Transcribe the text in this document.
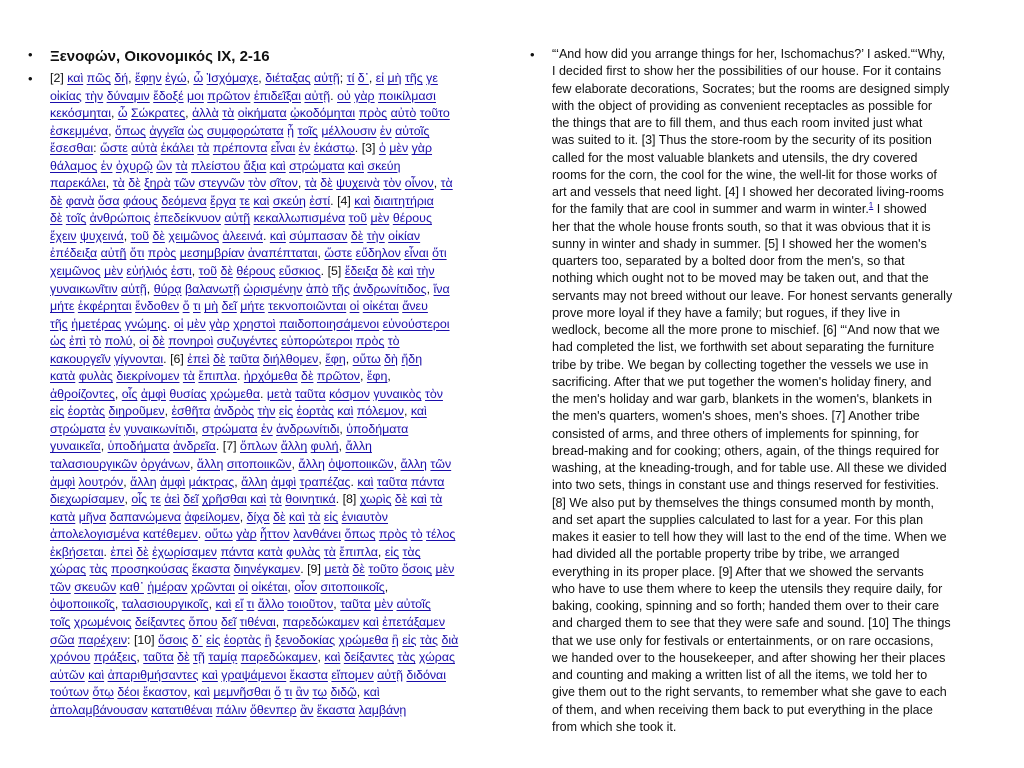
• Ξενοφών, Οικονομικός IX, 2-16
• [2] καὶ πῶς δή, ἔφην ἐγώ, ὦ Ἰσχόμαχε, διέταξας αὐτῇ; τί δ᾽, εἰ μὴ τῆς γε
οἰκίας τὴν δύναμιν ἔδοξέ μοι πρῶτον ἐπιδεῖξαι αὐτῇ. οὐ γὰρ ποικίλμασι
κεκόσμηται, ὦ Σώκρατες, ἀλλὰ τὰ οἰκήματα ᾠκοδόμηται πρὸς αὐτὸ τοῦτο
ἐσκεμμένα, ὅπως ἀγγεῖα ὡς συμφορώτατα ᾖ τοῖς μέλλουσιν ἐν αὐτοῖς
ἔσεσθαι: ὥστε αὐτὰ ἐκάλει τὰ πρέποντα εἶναι ἐν ἑκάστῳ. [3] ὁ μὲν γὰρ
θάλαμος ἐν ὀχυρῷ ὢν τὰ πλείστου ἄξια καὶ στρώματα καὶ σκεύη
παρεκάλει, τὰ δὲ ξηρὰ τῶν στεγνῶν τὸν σῖτον, τὰ δὲ ψυχεινὰ τὸν οἶνον, τὰ
δὲ φανὰ ὅσα φάους δεόμενα ἔργα τε καὶ σκεύη ἐστί. [4] καὶ διαιτητήρια
δὲ τοῖς ἀνθρώποις ἐπεδείκνυον αὐτῇ κεκαλλωπισμένα τοῦ μὲν θέρους
ἔχειν ψυχεινά, τοῦ δὲ χειμῶνος ἀλεεινά. καὶ σύμπασαν δὲ τὴν οἰκίαν
ἐπέδειξα αὐτῇ ὅτι πρὸς μεσημβρίαν ἀναπέπταται, ὥστε εὔδηλον εἶναι ὅτι
χειμῶνος μὲν εὐήλιός ἐστι, τοῦ δὲ θέρους εὔσκιος. [5] ἔδειξα δὲ καὶ τὴν
γυναικωνῖτιν αὐτῇ, θύρᾳ βαλανωτῇ ὡρισμένην ἀπὸ τῆς ἀνδρωνίτιδος, ἵνα
μήτε ἐκφέρηται ἔνδοθεν ὅ τι μὴ δεῖ μήτε τεκνοποιῶνται οἱ οἰκέται ἄνευ
τῆς ἡμετέρας γνώμης. οἱ μὲν γὰρ χρηστοὶ παιδοποιησάμενοι εὐνούστεροι
ὡς ἐπὶ τὸ πολύ, οἱ δὲ πονηροὶ συζυγέντες εὐπορώτεροι πρὸς τὸ
κακουργεῖν γίγνονται. [6] ἐπεὶ δὲ ταῦτα διήλθομεν, ἔφη, οὕτω δὴ ἤδη
κατὰ φυλὰς διεκρίνομεν τὰ ἔπιπλα. ἠρχόμεθα δὲ πρῶτον, ἔφη,
ἀθροίζοντες, οἷς ἀμφὶ θυσίας χρώμεθα. μετὰ ταῦτα κόσμον γυναικὸς τὸν
εἰς ἑορτὰς διῃροῦμεν, ἐσθῆτα ἀνδρὸς τὴν εἰς ἑορτὰς καὶ πόλεμον, καὶ
στρώματα ἐν γυναικωνίτιδι, στρώματα ἐν ἀνδρωνίτιδι, ὑποδήματα
γυναικεῖα, ὑποδήματα ἀνδρεῖα. [7] ὅπλων ἄλλη φυλή, ἄλλη
ταλασιουργικῶν ὀργάνων, ἄλλη σιτοποιικῶν, ἄλλη ὀψοποιικῶν, ἄλλη τῶν
ἀμφὶ λουτρόν, ἄλλη ἀμφὶ μάκτρας, ἄλλη ἀμφὶ τραπέζας. καὶ ταῦτα πάντα
διεχωρίσαμεν, οἷς τε ἀεὶ δεῖ χρῆσθαι καὶ τὰ θοινητικά. [8] χωρὶς δὲ καὶ τὰ
κατὰ μῆνα δαπανώμενα ἀφείλομεν, δίχα δὲ καὶ τὰ εἰς ἐνιαυτὸν
ἀπολελογισμένα κατέθεμεν. οὕτω γὰρ ἧττον λανθάνει ὅπως πρὸς τὸ τέλος
ἐκβήσεται. ἐπεὶ δὲ ἐχωρίσαμεν πάντα κατὰ φυλὰς τὰ ἔπιπλα, εἰς τὰς
χώρας τὰς προσηκούσας ἕκαστα διηνέγκαμεν. [9] μετὰ δὲ τοῦτο ὅσοις μὲν
τῶν σκευῶν καθ᾽ ἡμέραν χρῶνται οἱ οἰκέται, οἷον σιτοποιικοῖς,
ὀψοποιικοῖς, ταλασιουργικοῖς, καὶ εἴ τι ἄλλο τοιοῦτον, ταῦτα μὲν αὐτοῖς
τοῖς χρωμένοις δείξαντες ὅπου δεῖ τιθέναι, παρεδώκαμεν καὶ ἐπετάξαμεν
σῶα παρέχειν: [10] ὅσοις δ᾽ εἰς ἑορτὰς ἢ ξενοδοκίας χρώμεθα ἢ εἰς τὰς διὰ
χρόνου πράξεις, ταῦτα δὲ τῇ ταμίᾳ παρεδώκαμεν, καὶ δείξαντες τὰς χώρας
αὐτῶν καὶ ἀπαριθμήσαντες καὶ γραψάμενοι ἕκαστα εἴπομεν αὐτῇ διδόναι
τούτων ὅτῳ δέοι ἕκαστον, καὶ μεμνῆσθαι ὅ τι ἂν τῳ διδῷ, καὶ
ἀπολαμβάνουσαν κατατιθέναι πάλιν ὅθενπερ ἂν ἕκαστα λαμβάνῃ
• “‘And how did you arrange things for her, Ischomachus?’ I asked.“‘Why,
I decided first to show her the possibilities of our house. For it contains
few elaborate decorations, Socrates; but the rooms are designed simply
with the object of providing as convenient receptacles as possible for
the things that are to fill them, and thus each room invited just what
was suited to it. [3] Thus the store-room by the security of its position
called for the most valuable blankets and utensils, the dry covered
rooms for the corn, the cool for the wine, the well-lit for those works of
art and vessels that need light. [4] I showed her decorated living-rooms
for the family that are cool in summer and warm in winter.$^1$ I showed
her that the whole house fronts south, so that it was obvious that it is
sunny in winter and shady in summer. [5] I showed her the women's
quarters too, separated by a bolted door from the men's, so that
nothing which ought not to be moved may be taken out, and that the
servants may not breed without our leave. For honest servants generally
prove more loyal if they have a family; but rogues, if they live in
wedlock, become all the more prone to mischief. [6] “‘And now that we
had completed the list, we forthwith set about separating the furniture
tribe by tribe. We began by collecting together the vessels we use in
sacrificing. After that we put together the women's holiday finery, and
the men's holiday and war garb, blankets in the women's, blankets in
the men's quarters, women's shoes, men's shoes. [7] Another tribe
consisted of arms, and three others of implements for spinning, for
bread-making and for cooking; others, again, of the things required for
washing, at the kneading-trough, and for table use. All these we divided
into two sets, things in constant use and things reserved for festivities.
[8] We also put by themselves the things consumed month by month,
and set apart the supplies calculated to last for a year. For this plan
makes it easier to tell how they will last to the end of the time. When we
had divided all the portable property tribe by tribe, we arranged
everything in its proper place. [9] After that we showed the servants
who have to use them where to keep the utensils they require daily, for
baking, cooking, spinning and so forth; handed them over to their care
and charged them to see that they were safe and sound. [10] The things
that we use only for festivals or entertainments, or on rare occasions,
we handed over to the housekeeper, and after showing her their places
and counting and making a written list of all the items, we told her to
give them out to the right servants, to remember what she gave to each
of them, and when receiving them back to put everything in the place
from which she took it.
